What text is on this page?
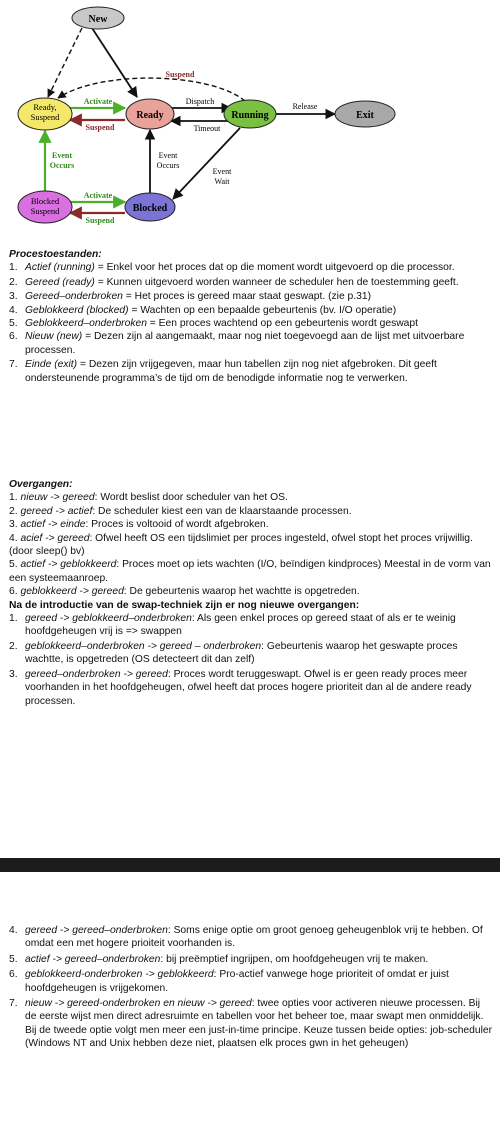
New
Ready,
Suspend	Ready	Running	Exit
Blocked
Suspend	Blocked
Suspend
Activate
Suspend
Dispatch
Timeout
Release
Event
Occurs
Event
Occurs
Event
Wait
Activate
Suspend
Procestoestanden:
1. Actief (running) = Enkel voor het proces dat op die moment wordt uitgevoerd op die processor.
2. Gereed (ready) = Kunnen uitgevoerd worden wanneer de scheduler hen de toestemming geeft.
3. Gereed–onderbroken = Het proces is gereed maar staat geswapt. (zie p.31)
4. Geblokkeerd (blocked) = Wachten op een bepaalde gebeurtenis (bv. I/O operatie)
5. Geblokkeerd–onderbroken = Een proces wachtend op een gebeurtenis wordt geswapt
6. Nieuw (new) = Dezen zijn al aangemaakt, maar nog niet toegevoegd aan de lijst met uitvoerbare processen.
7. Einde (exit) = Dezen zijn vrijgegeven, maar hun tabellen zijn nog niet afgebroken. Dit geeft ondersteunende programma’s de tijd om de benodigde informatie nog te verwerken.
Overgangen:
1. nieuw -> gereed: Wordt beslist door scheduler van het OS.
2. gereed -> actief: De scheduler kiest een van de klaarstaande processen.
3. actief -> einde: Proces is voltooid of wordt afgebroken.
4. acief -> gereed: Ofwel heeft OS een tijdslimiet per proces ingesteld, ofwel stopt het proces vrijwillig. (door sleep() bv)
5. actief -> geblokkeerd: Proces moet op iets wachten (I/O, beïndigen kindproces) Meestal in de vorm van een systeemaanroep.
6. geblokkeerd -> gereed: De gebeurtenis waarop het wachtte is opgetreden.
Na de introductie van de swap-techniek zijn er nog nieuwe overgangen:
1. gereed -> geblokkeerd–onderbroken: Als geen enkel proces op gereed staat of als er te weinig hoofdgeheugen vrij is => swappen
2. geblokkeerd–onderbroken -> gereed – onderbroken: Gebeurtenis waarop het geswapte proces wachtte, is opgetreden (OS detecteert dit dan zelf)
3. gereed–onderbroken -> gereed: Proces wordt teruggeswapt. Ofwel is er geen ready proces meer voorhanden in het hoofdgeheugen, ofwel heeft dat proces hogere prioriteit dan al de andere ready processen.
4. gereed -> gereed–onderbroken: Soms enige optie om groot genoeg geheugenblok vrij te hebben. Of omdat een met hogere prioiteit voorhanden is.
5. actief -> gereed–onderbroken: bij preëmptief ingrijpen, om hoofdgeheugen vrij te maken.
6. geblokkeerd-onderbroken -> geblokkeerd: Pro-actief vanwege hoge prioriteit of omdat er juist hoofdgeheugen is vrijgekomen.
7. nieuw -> gereed-onderbroken en nieuw -> gereed: twee opties voor activeren nieuwe processen. Bij de eerste wijst men direct adresruimte en tabellen voor het beheer toe, maar swapt men onmiddelijk. Bij de tweede optie volgt men meer een just-in-time principe. Keuze tussen beide opties: job-scheduler (Windows NT and Unix hebben deze niet, plaatsen elk proces gwn in het geheugen)
